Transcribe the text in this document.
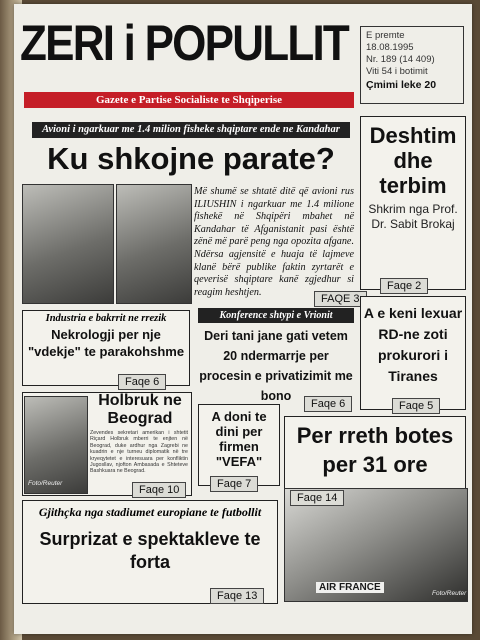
ZERI i POPULLIT
Gazete e Partise Socialiste te Shqiperise
E premte
18.08.1995
Nr. 189 (14 409)
Viti 54 i botimit
Çmimi leke 20
Avioni i ngarkuar me 1.4 milion fisheke shqiptare ende ne Kandahar
Ku shkojne parate?
Më shumë se shtatë ditë që avioni rus ILIUSHIN i ngarkuar me 1.4 milione fishekë në Shqipëri mbahet në Kandahar të Afganistanit pasi është zënë më parë peng nga opozita afgane. Ndërsa agjensitë e huaja të lajmeve klanë bërë publike faktin zyrtarët e qeverisë shqiptare kanë zgjedhur si reagim heshtjen.
FAQE 3
Deshtim dhe terbim
Shkrim nga Prof. Dr. Sabit Brokaj
Faqe 2
A e keni lexuar RD-ne zoti prokurori i Tiranes
Faqe 5
Industria e bakrrit ne rrezik
Nekrologji per nje "vdekje" te parakohshme
Faqe 6
Konference shtypi e Vrionit
Deri tani jane gati vetem 20 ndermarrje per procesin e privatizimit me bono
Faqe 6
Foto/Reuter
Holbruk ne Beograd
Zevendes sekretari amerikan i shtetit Riçard Holbruk mberri te enjten në Beograd, duke ardhur nga Zagrebi ne kuadrin e nje turneu diplomatik në tre kryeqytetet e interesuara per konfliktin Jugosllav, njofton Ambasada e Shteteve Bashkuara ne Beograd.
Faqe 10
A doni te dini per firmen "VEFA"
Faqe 7
Per rreth botes per 31 ore
Faqe 14
AIR FRANCE
Foto/Reuter
Gjithçka nga stadiumet europiane te futbollit
Surprizat e spektakleve te forta
Faqe 13
